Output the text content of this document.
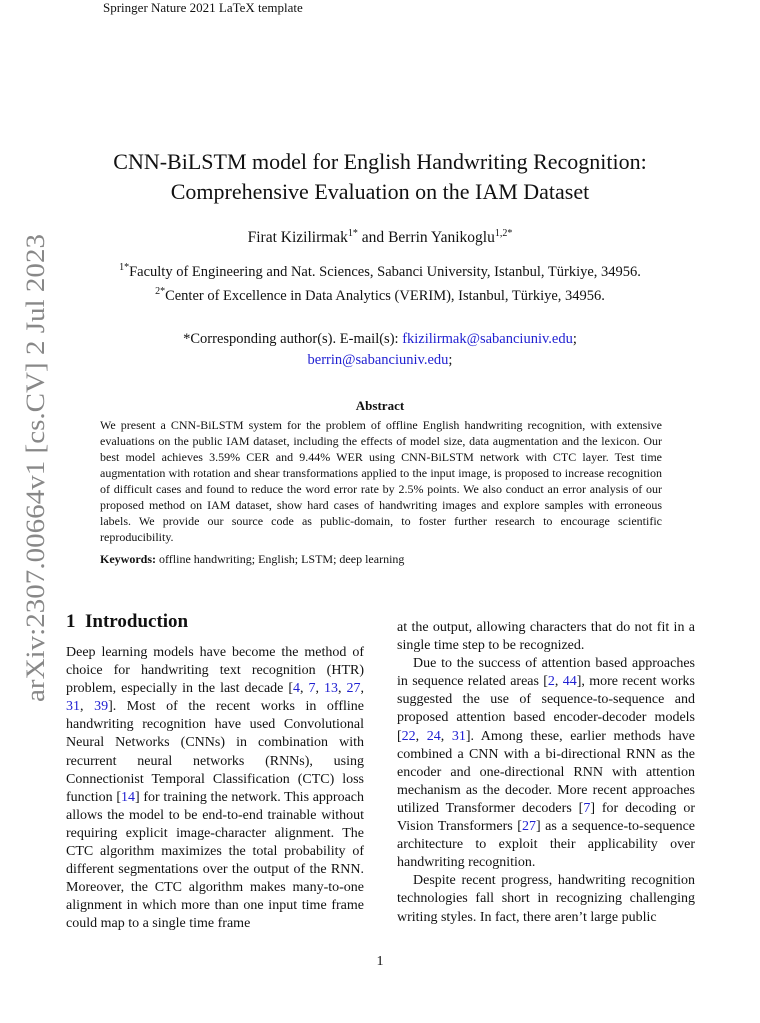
Springer Nature 2021 LaTeX template
arXiv:2307.00664v1 [cs.CV] 2 Jul 2023
CNN-BiLSTM model for English Handwriting Recognition:
Comprehensive Evaluation on the IAM Dataset
Firat Kizilirmak$^{1*}$ and Berrin Yanikoglu$^{1,2*}$
$^{1*}$Faculty of Engineering and Nat. Sciences, Sabanci University, Istanbul, Türkiye, 34956.
$^{2*}$Center of Excellence in Data Analytics (VERIM), Istanbul, Türkiye, 34956.
*Corresponding author(s). E-mail(s): fkizilirmak@sabanciuniv.edu;
berrin@sabanciuniv.edu;
Abstract
We present a CNN-BiLSTM system for the problem of offline English handwriting recognition, with extensive evaluations on the public IAM dataset, including the effects of model size, data augmentation and the lexicon. Our best model achieves 3.59% CER and 9.44% WER using CNN-BiLSTM network with CTC layer. Test time augmentation with rotation and shear transformations applied to the input image, is proposed to increase recognition of difficult cases and found to reduce the word error rate by 2.5% points. We also conduct an error analysis of our proposed method on IAM dataset, show hard cases of handwriting images and explore samples with erroneous labels. We provide our source code as public-domain, to foster further research to encourage scientific reproducibility.
Keywords: offline handwriting; English; LSTM; deep learning
1 Introduction

Deep learning models have become the method of choice for handwriting text recognition (HTR) problem, especially in the last decade [4, 7, 13, 27, 31, 39]. Most of the recent works in offline handwriting recognition have used Convolutional Neural Networks (CNNs) in combination with recurrent neural networks (RNNs), using Connectionist Temporal Classification (CTC) loss function [14] for training the network. This approach allows the model to be end-to-end trainable without requiring explicit image-character alignment. The CTC algorithm maximizes the total probability of different segmentations over the output of the RNN. Moreover, the CTC algorithm makes many-to-one alignment in which more than one input time frame could map to a single time frame

at the output, allowing characters that do not fit in a single time step to be recognized.

Due to the success of attention based approaches in sequence related areas [2, 44], more recent works suggested the use of sequence-to-sequence and proposed attention based encoder-decoder models [22, 24, 31]. Among these, earlier methods have combined a CNN with a bi-directional RNN as the encoder and one-directional RNN with attention mechanism as the decoder. More recent approaches utilized Transformer decoders [7] for decoding or Vision Transformers [27] as a sequence-to-sequence architecture to exploit their applicability over handwriting recognition.

Despite recent progress, handwriting recognition technologies fall short in recognizing challenging writing styles. In fact, there aren’t large public

1
